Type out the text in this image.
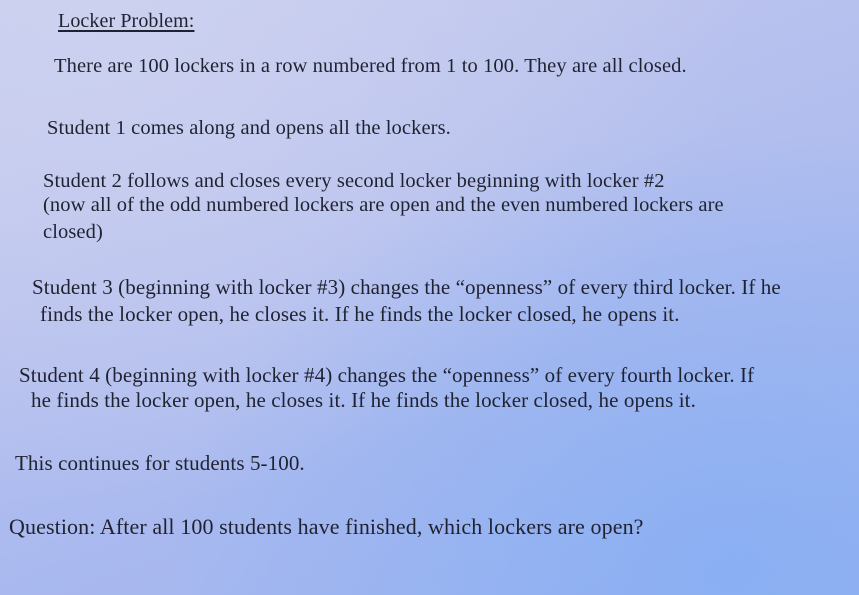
Locker Problem:

There are 100 lockers in a row numbered from 1 to 100. They are all closed.

Student 1 comes along and opens all the lockers.

Student 2 follows and closes every second locker beginning with locker #2

(now all of the odd numbered lockers are open and the even numbered lockers are

closed)

Student 3 (beginning with locker #3) changes the “openness” of every third locker. If he

finds the locker open, he closes it. If he finds the locker closed, he opens it.

Student 4 (beginning with locker #4) changes the “openness” of every fourth locker. If

he finds the locker open, he closes it. If he finds the locker closed, he opens it.

This continues for students 5-100.

Question: After all 100 students have finished, which lockers are open?
